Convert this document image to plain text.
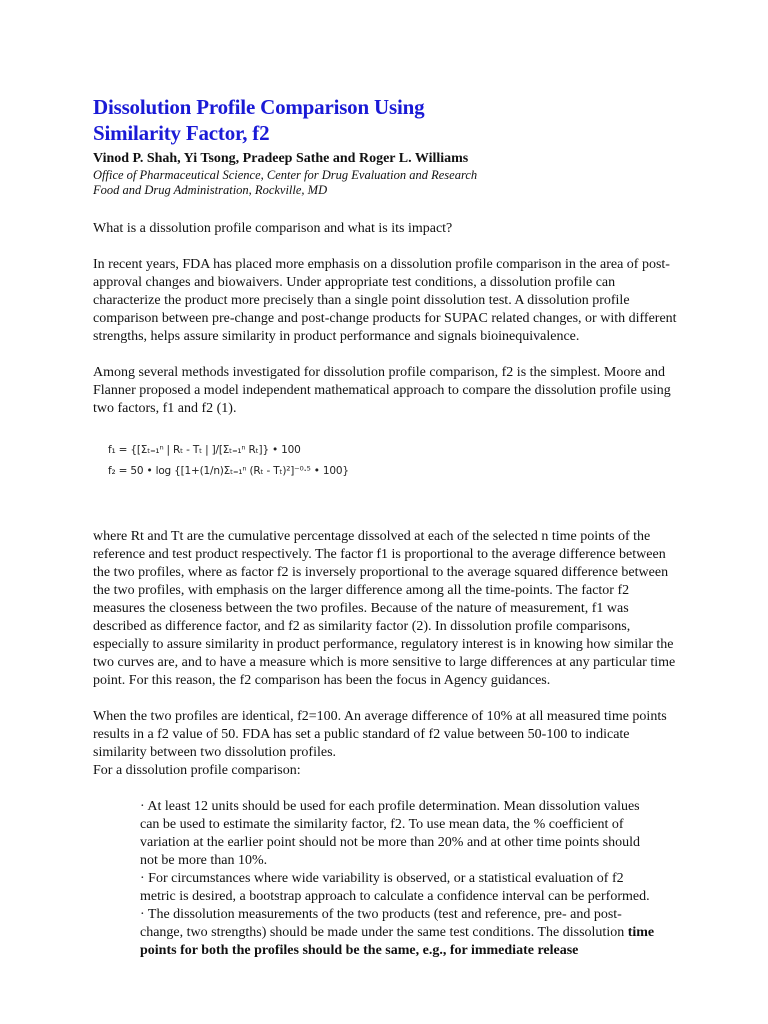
Dissolution Profile Comparison Using
Similarity Factor, f2

Vinod P. Shah, Yi Tsong, Pradeep Sathe and Roger L. Williams

Office of Pharmaceutical Science, Center for Drug Evaluation and Research
Food and Drug Administration, Rockville, MD

What is a dissolution profile comparison and what is its impact?

In recent years, FDA has placed more emphasis on a dissolution profile comparison in the area of post-approval changes and biowaivers. Under appropriate test conditions, a dissolution profile can characterize the product more precisely than a single point dissolution test. A dissolution profile comparison between pre-change and post-change products for SUPAC related changes, or with different strengths, helps assure similarity in product performance and signals bioinequivalence.

Among several methods investigated for dissolution profile comparison, f2 is the simplest. Moore and Flanner proposed a model independent mathematical approach to compare the dissolution profile using two factors, f1 and f2 (1).

f₁ = {[Σₜ₌₁ⁿ | Rₜ - Tₜ | ]/[Σₜ₌₁ⁿ Rₜ]} • 100
f₂ = 50 • log {[1+(1/n)Σₜ₌₁ⁿ (Rₜ - Tₜ)²]⁻⁰·⁵ • 100}

where Rt and Tt are the cumulative percentage dissolved at each of the selected n time points of the reference and test product respectively. The factor f1 is proportional to the average difference between the two profiles, where as factor f2 is inversely proportional to the average squared difference between the two profiles, with emphasis on the larger difference among all the time-points. The factor f2 measures the closeness between the two profiles. Because of the nature of measurement, f1 was described as difference factor, and f2 as similarity factor (2). In dissolution profile comparisons, especially to assure similarity in product performance, regulatory interest is in knowing how similar the two curves are, and to have a measure which is more sensitive to large differences at any particular time point. For this reason, the f2 comparison has been the focus in Agency guidances.

When the two profiles are identical, f2=100. An average difference of 10% at all measured time points results in a f2 value of 50. FDA has set a public standard of f2 value between 50-100 to indicate similarity between two dissolution profiles.

For a dissolution profile comparison:

· At least 12 units should be used for each profile determination. Mean dissolution values can be used to estimate the similarity factor, f2. To use mean data, the % coefficient of variation at the earlier point should not be more than 20% and at other time points should not be more than 10%.

· For circumstances where wide variability is observed, or a statistical evaluation of f2 metric is desired, a bootstrap approach to calculate a confidence interval can be performed.

· The dissolution measurements of the two products (test and reference, pre- and post-change, two strengths) should be made under the same test conditions. The dissolution time points for both the profiles should be the same, e.g., for immediate release
